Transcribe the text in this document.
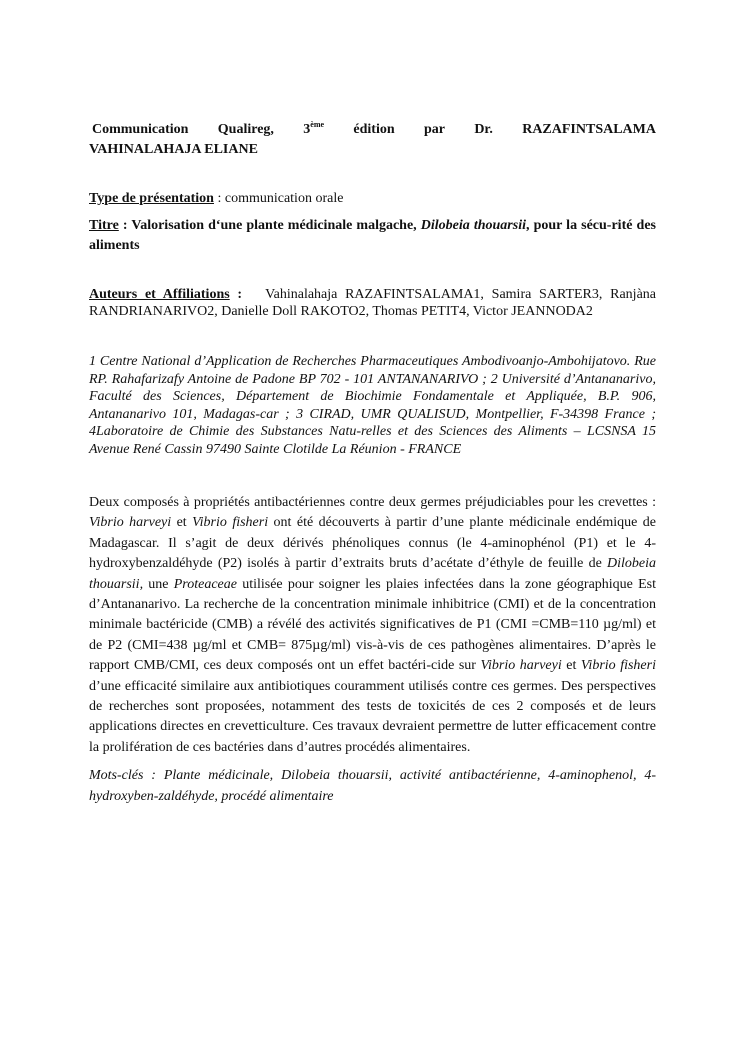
Communication Qualireg, 3ème édition par Dr. RAZAFINTSALAMA
VAHINALAHAJA ELIANE

Type de présentation : communication orale

Titre : Valorisation d‘une plante médicinale malgache, Dilobeia thouarsii, pour la sécu-rité des aliments

Auteurs et Affiliations : Vahinalahaja RAZAFINTSALAMA1, Samira SARTER3, Ranjàna RANDRIANARIVO2, Danielle Doll RAKOTO2, Thomas PETIT4, Victor JEANNODA2

1 Centre National d’Application de Recherches Pharmaceutiques Ambodivoanjo-Ambohijatovo. Rue RP. Rahafarizafy Antoine de Padone BP 702 - 101 ANTANANARIVO ; 2 Université d’Antananarivo, Faculté des Sciences, Département de Biochimie Fondamentale et Appliquée, B.P. 906, Antananarivo 101, Madagas-car ; 3 CIRAD, UMR QUALISUD, Montpellier, F-34398 France ; 4Laboratoire de Chimie des Substances Natu-relles et des Sciences des Aliments – LCSNSA 15 Avenue René Cassin 97490 Sainte Clotilde La Réunion - FRANCE

Deux composés à propriétés antibactériennes contre deux germes préjudiciables pour les crevettes : Vibrio harveyi et Vibrio fisheri ont été découverts à partir d’une plante médicinale endémique de Madagascar. Il s’agit de deux dérivés phénoliques connus (le 4-aminophénol (P1) et le 4- hydroxybenzaldéhyde (P2) isolés à partir d’extraits bruts d’acétate d’éthyle de feuille de Dilobeia thouarsii, une Proteaceae utilisée pour soigner les plaies infectées dans la zone géographique Est d’Antananarivo. La recherche de la concentration minimale inhibitrice (CMI) et de la concentration minimale bactéricide (CMB) a révélé des activités significatives de P1 (CMI =CMB=110 µg/ml) et de P2 (CMI=438 µg/ml et CMB= 875µg/ml) vis-à-vis de ces pathogènes alimentaires. D’après le rapport CMB/CMI, ces deux composés ont un effet bactéri-cide sur Vibrio harveyi et Vibrio fisheri d’une efficacité similaire aux antibiotiques couramment utilisés contre ces germes. Des perspectives de recherches sont proposées, notamment des tests de toxicités de ces 2 composés et de leurs applications directes en crevetticulture. Ces travaux devraient permettre de lutter efficacement contre la prolifération de ces bactéries dans d’autres procédés alimentaires.

Mots-clés : Plante médicinale, Dilobeia thouarsii, activité antibactérienne, 4-aminophenol, 4-hydroxyben-zaldéhyde, procédé alimentaire
